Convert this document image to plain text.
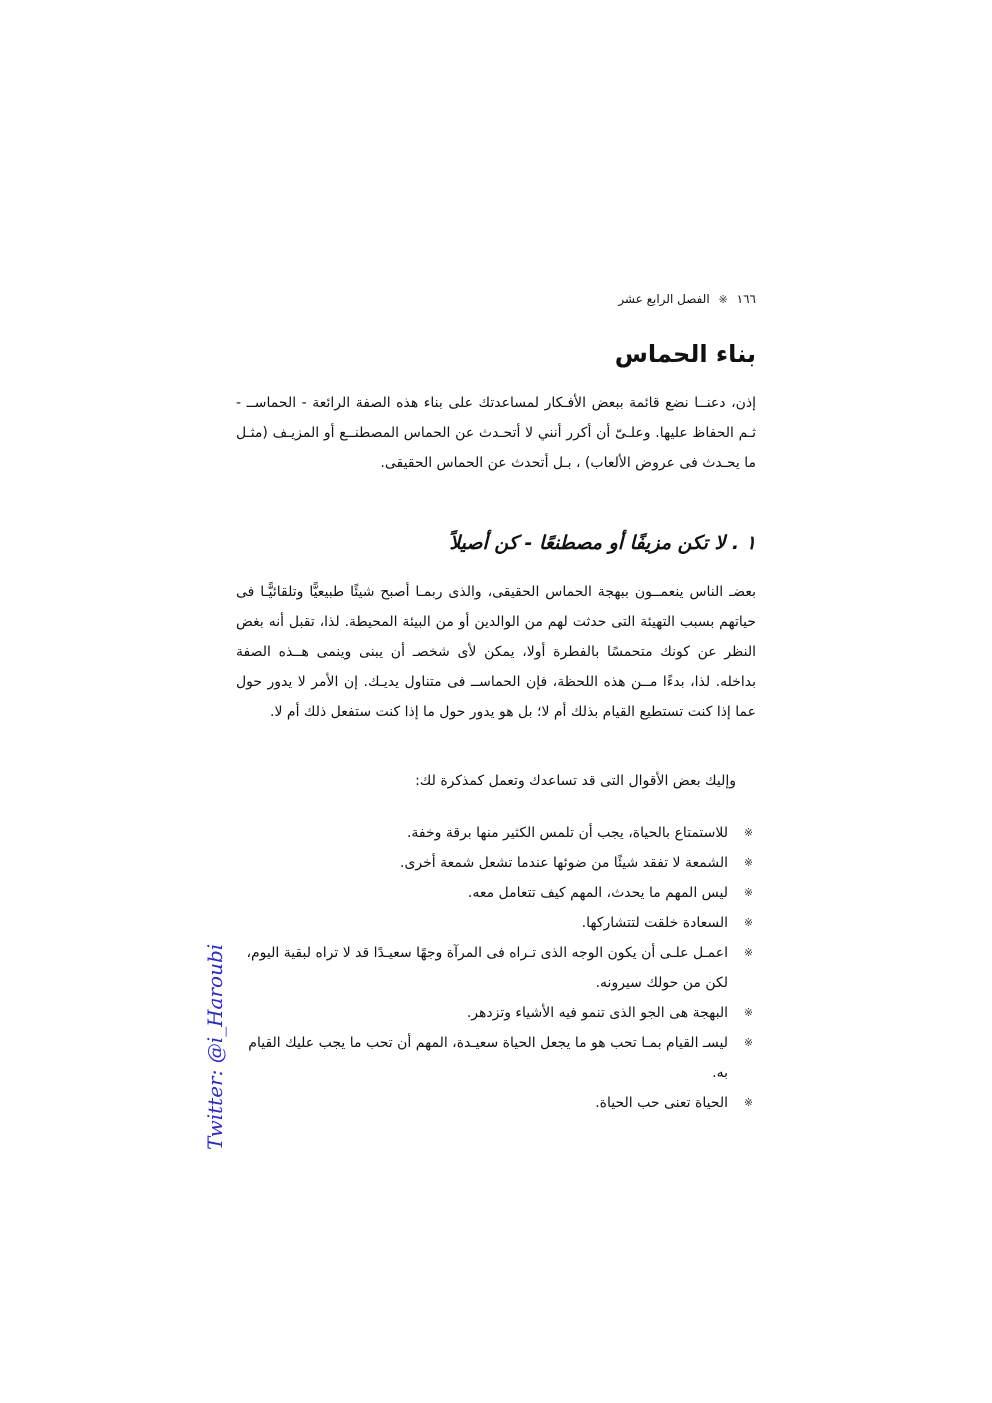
١٦٦
※
الفصل الرابع عشر
بناء الحماس
إذن، دعنــا نضع قائمة ببعض الأفـكار لمساعدتك على بناء هذه الصفة الرائعة - الحماســ - ثـم الحفاظ عليها. وعلـىّ أن أكرر أنني لا أتحـدث عن الحماس المصطنــع أو المزيـف (مثـل ما يحـدث فى عروض الألعاب) ، بـل أتحدث عن الحماس الحقيقى.
١ . لا تكن مزيفًا أو مصطنعًا - كن أصيلاً
بعضـ الناس ينعمــون ببهجة الحماس الحقيقى، والذى ربمـا أصبح شيئًا طبيعيًّا وتلقائيًّـا فى حياتهم بسبب التهيئة التى حدثت لهم من الوالدين أو من البيئة المحيطة. لذا، تقبل أنه بغض النظر عن كونك متحمسًا بالفطرة أولا، يمكن لأى شخصـ أن يبنى وينمى هــذه الصفة بداخله. لذا، بدءًا مــن هذه اللحظة، فإن الحماســ فى متناول يديـك. إن الأمر لا يدور حول عما إذا كنت تستطيع القيام بذلك أم لا؛ بل هو يدور حول ما إذا كنت ستفعل ذلك أم لا.
وإليك بعض الأقوال التى قد تساعدك وتعمل كمذكرة لك:
※
للاستمتاع بالحياة، يجب أن تلمس الكثير منها برقة وخفة.
※
الشمعة لا تفقد شيئًا من ضوئها عندما تشعل شمعة أخرى.
※
ليس المهم ما يحدث، المهم كيف تتعامل معه.
※
السعادة خلقت لتتشاركها.
※
اعمـل علـى أن يكون الوجه الذى تـراه فى المرآة وجهًا سعيـدًا قد لا تراه لبقية اليوم، لكن من حولك سيرونه.
※
البهجة هى الجو الذى تنمو فيه الأشياء وتزدهر.
※
ليسـ القيام بمـا تحب هو ما يجعل الحياة سعيـدة، المهم أن تحب ما يجب عليك القيام به.
※
الحياة تعنى حب الحياة.
Twitter: @i_Haroubi
